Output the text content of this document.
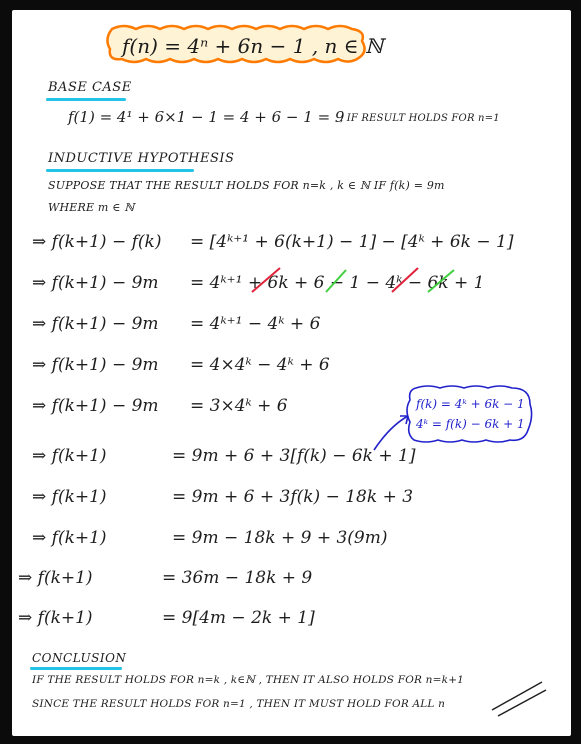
f(n) = 4ⁿ + 6n − 1 , n ∈ ℕ
BASE CASE
f(1) = 4¹ + 6×1 − 1 = 4 + 6 − 1 = 9
, IF RESULT HOLDS FOR n=1
INDUCTIVE HYPOTHESIS
SUPPOSE THAT THE RESULT HOLDS FOR n=k , k ∈ ℕ IF f(k) = 9m
WHERE m ∈ ℕ
⇒ f(k+1) − f(k) = [4ᵏ⁺¹ + 6(k+1) − 1] − [4ᵏ + 6k − 1]
⇒ f(k+1) − 9m = 4ᵏ⁺¹ + 6k + 6 − 1 − 4ᵏ − 6k + 1
⇒ f(k+1) − 9m = 4ᵏ⁺¹ − 4ᵏ + 6
⇒ f(k+1) − 9m = 4×4ᵏ − 4ᵏ + 6
⇒ f(k+1) − 9m = 3×4ᵏ + 6	f(k) = 4ᵏ + 6k − 1
4ᵏ = f(k) − 6k + 1
⇒ f(k+1)	= 9m + 6 + 3[f(k) − 6k + 1]
⇒ f(k+1)	= 9m + 6 + 3f(k) − 18k + 3
⇒ f(k+1)	= 9m − 18k + 9 + 3(9m)
⇒ f(k+1)	= 36m − 18k + 9
⇒ f(k+1)	= 9[4m − 2k + 1]
CONCLUSION
IF THE RESULT HOLDS FOR n=k , k∈ℕ , THEN IT ALSO HOLDS FOR n=k+1
SINCE THE RESULT HOLDS FOR n=1 , THEN IT MUST HOLD FOR ALL n
